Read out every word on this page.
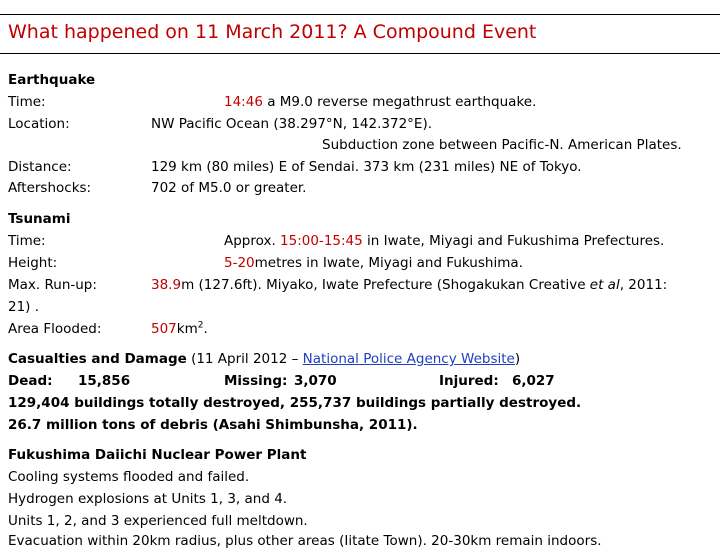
What happened on 11 March 2011? A Compound Event
Earthquake
Time:
Location:
Distance:
Aftershocks:
14:46 a M9.0 reverse megathrust earthquake.
NW Pacific Ocean (38.297°N, 142.372°E).
Subduction zone between Pacific-N. American Plates.
129 km (80 miles) E of Sendai. 373 km (231 miles) NE of Tokyo.
702 of M5.0 or greater.
Tsunami
Time:
Height:
Max. Run-up:
21) .
Area Flooded:
Approx. 15:00-15:45 in Iwate, Miyagi and Fukushima Prefectures.
5-20metres in Iwate, Miyagi and Fukushima.
38.9m (127.6ft). Miyako, Iwate Prefecture (Shogakukan Creative et al, 2011:
$507km^2$.
Casualties and Damage (11 April 2012 – National Police Agency Website)
Dead: 15,856	Missing: 3,070	Injured: 6,027
129,404 buildings totally destroyed, 255,737 buildings partially destroyed.
26.7 million tons of debris (Asahi Shimbunsha, 2011).
Fukushima Daiichi Nuclear Power Plant
Cooling systems flooded and failed.
Hydrogen explosions at Units 1, 3, and 4.
Units 1, 2, and 3 experienced full meltdown.
Evacuation within 20km radius, plus other areas (Iitate Town). 20-30km remain indoors.
